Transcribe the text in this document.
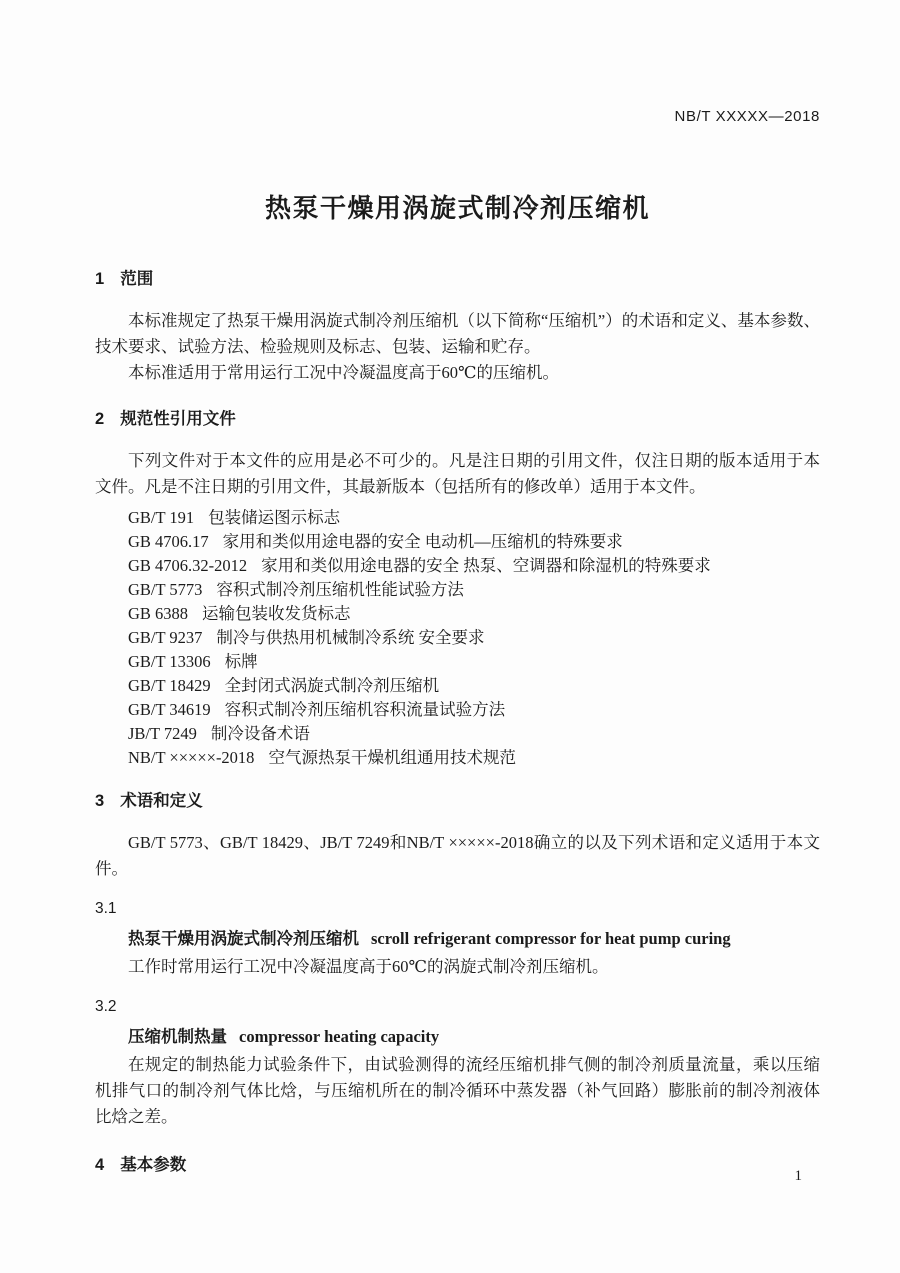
NB/T XXXXX—2018
热泵干燥用涡旋式制冷剂压缩机
1 范围

本标准规定了热泵干燥用涡旋式制冷剂压缩机（以下简称“压缩机”）的术语和定义、基本参数、技术要求、试验方法、检验规则及标志、包装、运输和贮存。

本标准适用于常用运行工况中冷凝温度高于60℃的压缩机。

2 规范性引用文件

下列文件对于本文件的应用是必不可少的。凡是注日期的引用文件，仅注日期的版本适用于本文件。凡是不注日期的引用文件，其最新版本（包括所有的修改单）适用于本文件。

GB/T 191 包装储运图示标志
GB 4706.17 家用和类似用途电器的安全 电动机—压缩机的特殊要求
GB 4706.32-2012 家用和类似用途电器的安全 热泵、空调器和除湿机的特殊要求
GB/T 5773 容积式制冷剂压缩机性能试验方法
GB 6388 运输包装收发货标志
GB/T 9237 制冷与供热用机械制冷系统 安全要求
GB/T 13306 标牌
GB/T 18429 全封闭式涡旋式制冷剂压缩机
GB/T 34619 容积式制冷剂压缩机容积流量试验方法
JB/T 7249 制冷设备术语
NB/T ×××××-2018 空气源热泵干燥机组通用技术规范
3 术语和定义

GB/T 5773、GB/T 18429、JB/T 7249和NB/T ×××××-2018确立的以及下列术语和定义适用于本文件。

3.1

热泵干燥用涡旋式制冷剂压缩机 scroll refrigerant compressor for heat pump curing

工作时常用运行工况中冷凝温度高于60℃的涡旋式制冷剂压缩机。

3.2

压缩机制热量 compressor heating capacity

在规定的制热能力试验条件下，由试验测得的流经压缩机排气侧的制冷剂质量流量，乘以压缩机排气口的制冷剂气体比焓，与压缩机所在的制冷循环中蒸发器（补气回路）膨胀前的制冷剂液体比焓之差。

4 基本参数
1
